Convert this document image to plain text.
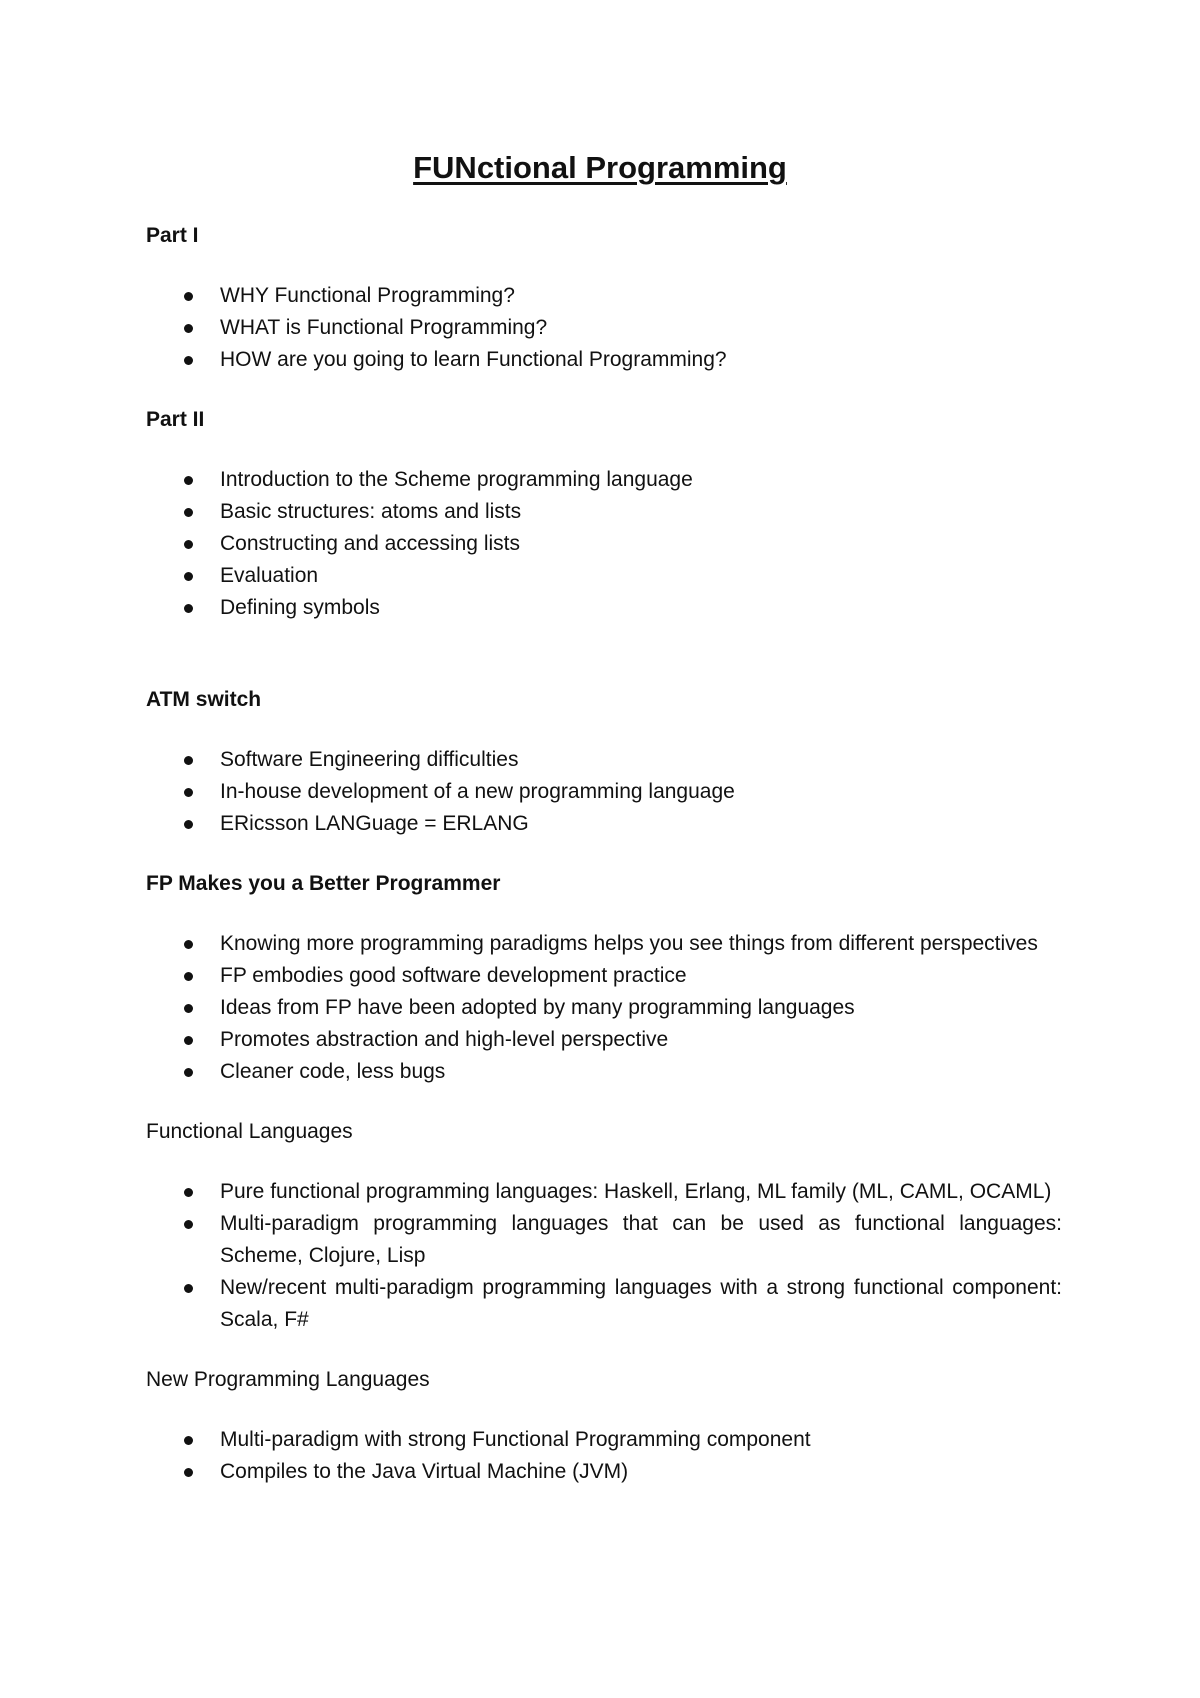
FUNctional Programming

Part I

WHY Functional Programming?
WHAT is Functional Programming?
HOW are you going to learn Functional Programming?

Part II

Introduction to the Scheme programming language
Basic structures: atoms and lists
Constructing and accessing lists
Evaluation
Defining symbols

ATM switch

Software Engineering difficulties
In-house development of a new programming language
ERicsson LANGuage = ERLANG

FP Makes you a Better Programmer

Knowing more programming paradigms helps you see things from different perspectives
FP embodies good software development practice
Ideas from FP have been adopted by many programming languages
Promotes abstraction and high-level perspective
Cleaner code, less bugs

Functional Languages

Pure functional programming languages: Haskell, Erlang, ML family (ML, CAML, OCAML)
Multi-paradigm programming languages that can be used as functional languages: Scheme, Clojure, Lisp
New/recent multi-paradigm programming languages with a strong functional component: Scala, F#

New Programming Languages

Multi-paradigm with strong Functional Programming component
Compiles to the Java Virtual Machine (JVM)
